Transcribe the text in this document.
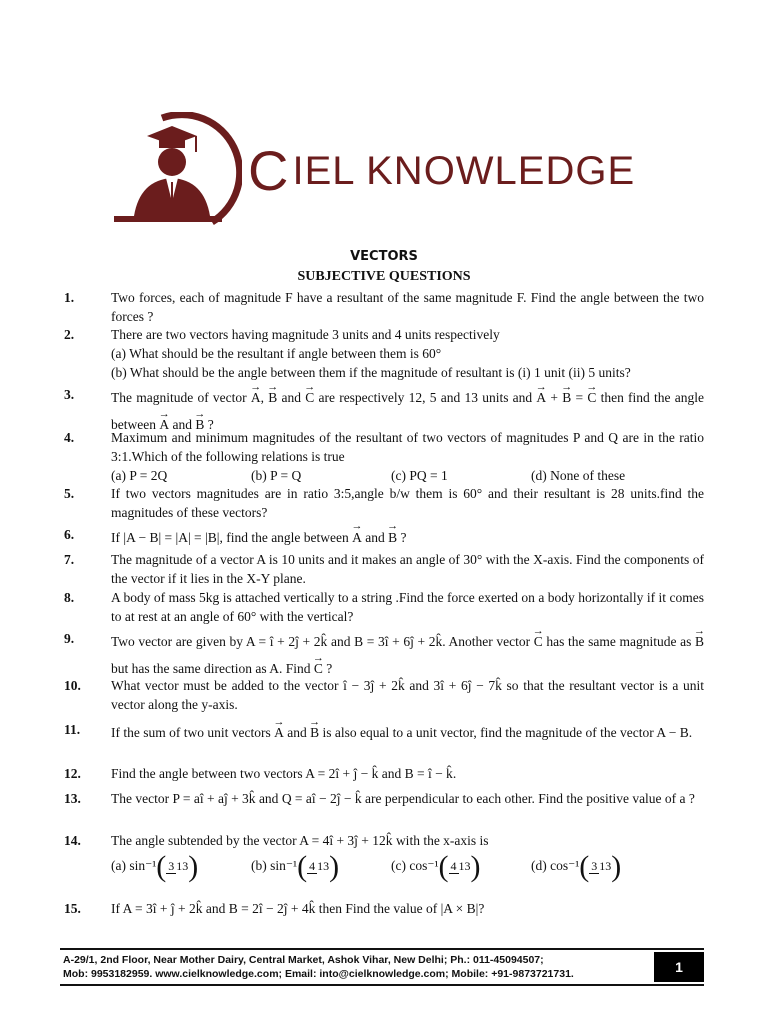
CIEL KNOWLEDGE
VECTORS
SUBJECTIVE QUESTIONS
1.	Two forces, each of magnitude F have a resultant of the same magnitude F. Find the angle between the two forces ?
2.	There are two vectors having magnitude 3 units and 4 units respectively
(a) What should be the resultant if angle between them is 60°
(b) What should be the angle between them if the magnitude of resultant is (i) 1 unit (ii) 5 units?
3.	The magnitude of vector → A, → B and → C are respectively 12, 5 and 13 units and → A + → B = → C then find the angle between → A and → B ?
4.	Maximum and minimum magnitudes of the resultant of two vectors of magnitudes P and Q are in the ratio 3:1.Which of the following relations is true
(a) P = 2Q	(b) P = Q	(c) PQ = 1	(d) None of these
5.	If two vectors magnitudes are in ratio 3:5,angle b/w them is 60° and their resultant is 28 units.find the magnitudes of these vectors?
6.	If |A − B| = |A| = |B|, find the angle between → A and → B ?
7.	The magnitude of a vector A is 10 units and it makes an angle of 30° with the X-axis. Find the components of the vector if it lies in the X-Y plane.
8.	A body of mass 5kg is attached vertically to a string .Find the force exerted on a body horizontally if it comes to at rest at an angle of 60° with the vertical?
9.	Two vector are given by A = î + 2ĵ + 2k̂ and B = 3î + 6ĵ + 2k̂. Another vector → C has the same magnitude as → B but has the same direction as A. Find → C ?
10. What vector must be added to the vector î − 3ĵ + 2k̂ and 3î + 6ĵ − 7k̂ so that the resultant vector is a unit vector along the y-axis.
11. If the sum of two unit vectors → A and → B is also equal to a unit vector, find the magnitude of the vector A − B.
12. Find the angle between two vectors A = 2î + ĵ − k̂ and B = î − k̂.
13. The vector P = aî + aĵ + 3k̂ and Q = aî − 2ĵ − k̂ are perpendicular to each other. Find the positive value of a ?
14. The angle subtended by the vector A = 4î + 3ĵ + 12k̂ with the x-axis is
(a) sin⁻¹( 3 13)	(b) sin⁻¹( 4 13)	(c) cos⁻¹( 4 13)	(d) cos⁻¹( 3 13)
15. If A = 3î + ĵ + 2k̂ and B = 2î − 2ĵ + 4k̂ then Find the value of |A × B|?
A-29/1, 2nd Floor, Near Mother Dairy, Central Market, Ashok Vihar, New Delhi; Ph.: 011-45094507;
Mob: 9953182959. www.cielknowledge.com; Email: into@cielknowledge.com; Mobile: +91-9873721731.	1
